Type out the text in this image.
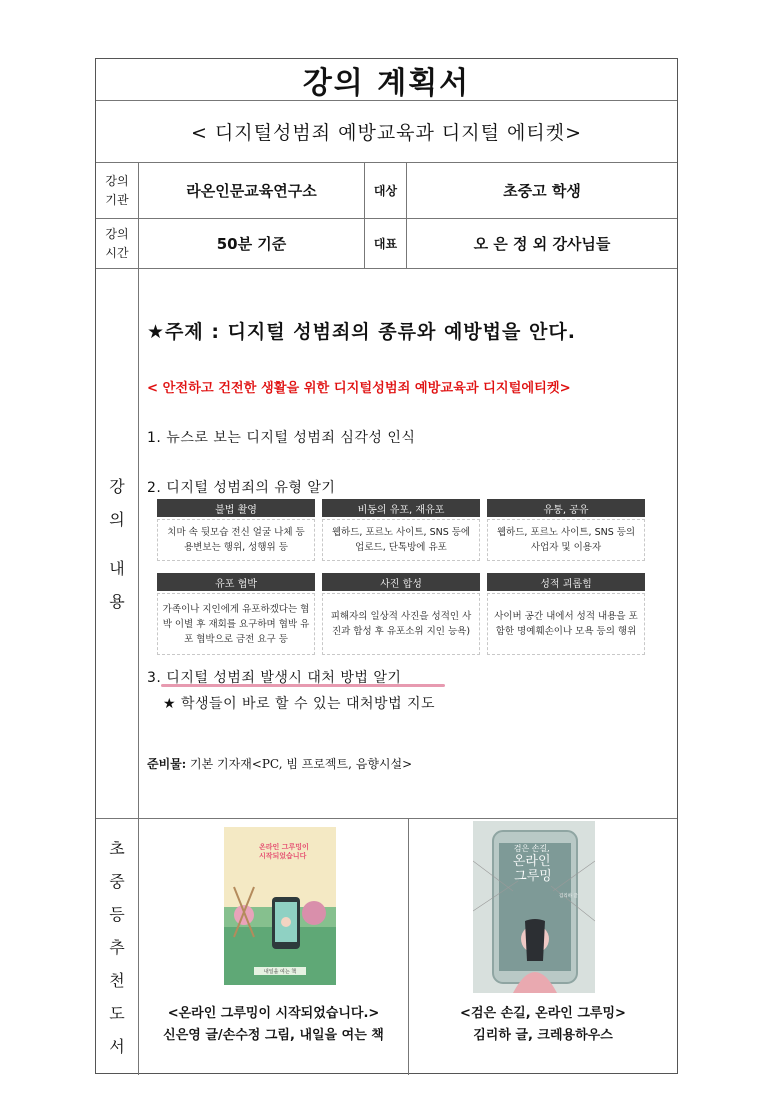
강의 계획서
< 디지털성범죄 예방교육과 디지털 에티켓>
강의
기관	라온인문교육연구소	대상	초중고 학생
강의
시간	50분 기준	대표	오 은 정 외 강사님들
강
의
내
용
★주제 : 디지털 성범죄의 종류와 예방법을 안다.
< 안전하고 건전한 생활을 위한 디지털성범죄 예방교육과 디지털에티켓>
1. 뉴스로 보는 디지털 성범죄 심각성 인식
2. 디지털 성범죄의 유형 알기
불법 촬영	비동의 유포, 재유포	유통, 공유
치마 속 뒷모습 전신 얼굴 나체 등 용변보는 행위, 성행위 등
웹하드, 포르노 사이트, SNS 등에 업로드, 단톡방에 유포
웹하드, 포르노 사이트, SNS 등의 사업자 및 이용자
유포 협박	사진 합성	성적 괴롭힘
가족이나 지인에게 유포하겠다는 협박 이별 후 재회를 요구하며 협박 유포 협박으로 금전 요구 등
피해자의 일상적 사진을 성적인 사진과 합성 후 유포소위 지인 능욕)
사이버 공간 내에서 성적 내용을 포함한 명예훼손이나 모욕 등의 행위
3. 디지털 성범죄 발생시 대처 방법 알기
★ 학생들이 바로 할 수 있는 대처방법 지도
준비물: 기본 기자재<PC, 빔 프로젝트, 음향시설>
초
중
등
추
천
도
서
내일을 여는 책
온라인 그루밍이 시작되었습니다
<온라인 그루밍이 시작되었습니다.>
신은영 글/손수정 그림, 내일을 여는 책
검은 손길, 온라인 그루밍
김리하 글
<검은 손길, 온라인 그루밍>
김리하 글, 크레용하우스
